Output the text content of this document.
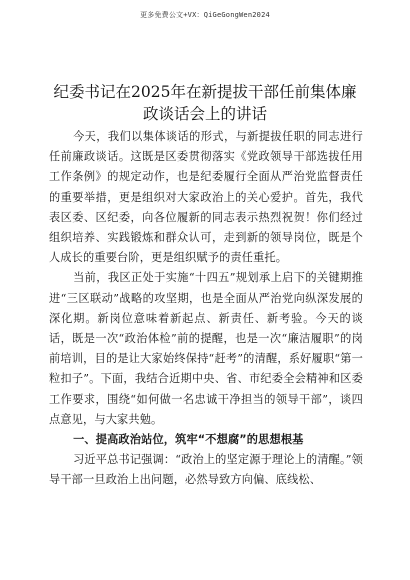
更多免费公文+VX：QiGeGongWen2024
纪委书记在2025年在新提拔干部任前集体廉政谈话会上的讲话

今天，我们以集体谈话的形式，与新提拔任职的同志进行任前廉政谈话。这既是区委贯彻落实《党政领导干部选拔任用工作条例》的规定动作，也是纪委履行全面从严治党监督责任的重要举措，更是组织对大家政治上的关心爱护。首先，我代表区委、区纪委，向各位履新的同志表示热烈祝贺！你们经过组织培养、实践锻炼和群众认可，走到新的领导岗位，既是个人成长的重要台阶，更是组织赋予的责任重托。

当前，我区正处于实施“十四五”规划承上启下的关键期推进“三区联动”战略的攻坚期，也是全面从严治党向纵深发展的深化期。新岗位意味着新起点、新责任、新考验。今天的谈话，既是一次“政治体检”前的提醒，也是一次“廉洁履职”的岗前培训，目的是让大家始终保持“赶考”的清醒，系好履职“第一粒扣子”。下面，我结合近期中央、省、市纪委全会精神和区委工作要求，围绕“如何做一名忠诚干净担当的领导干部”，谈四点意见，与大家共勉。

一、提高政治站位，筑牢“不想腐”的思想根基

习近平总书记强调：“政治上的坚定源于理论上的清醒。”领导干部一旦政治上出问题，必然导致方向偏、底线松、
